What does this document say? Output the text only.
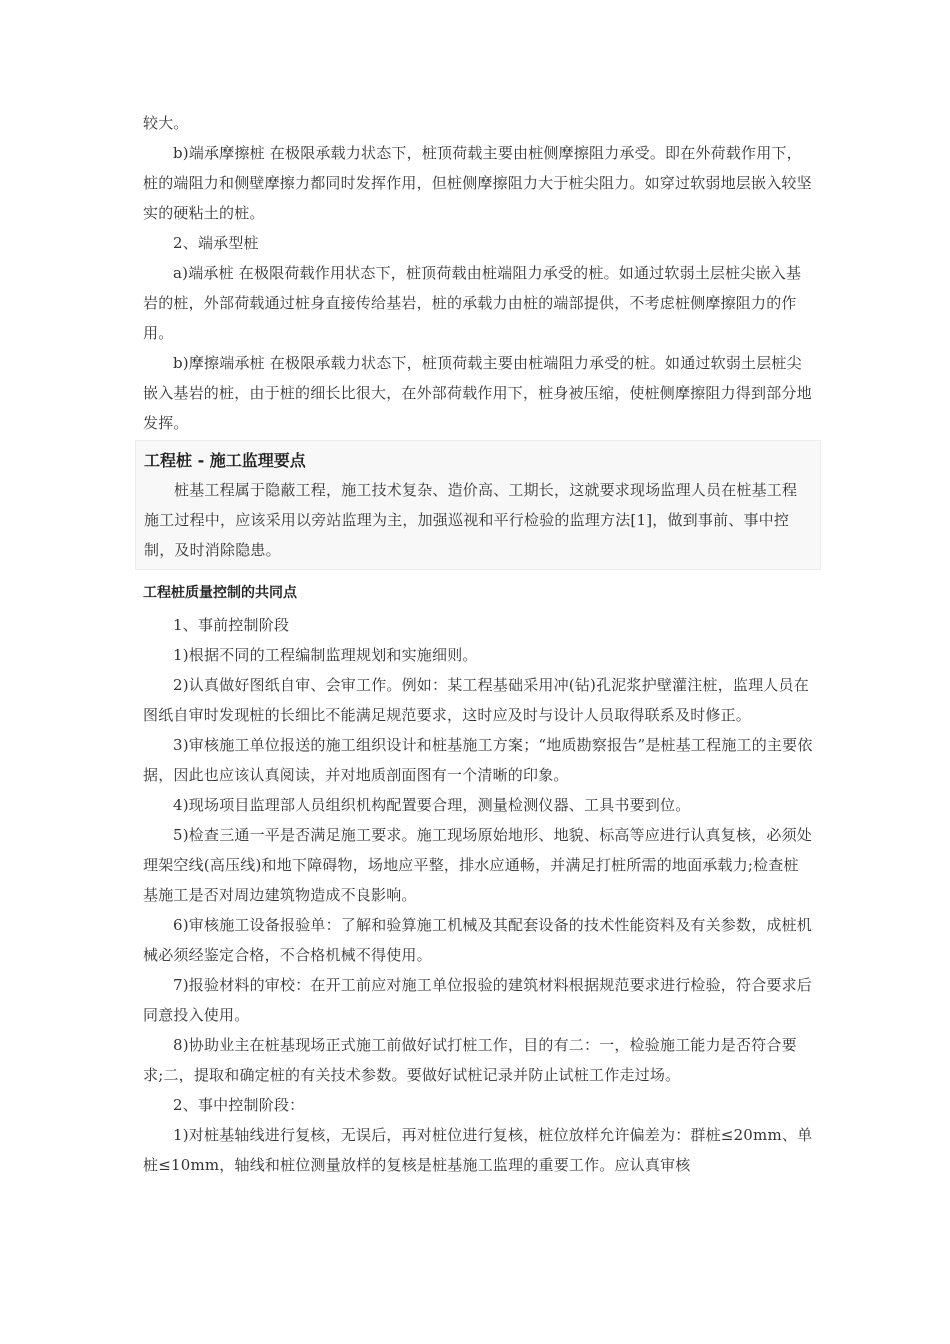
较大。

b)端承摩擦桩 在极限承载力状态下，桩顶荷载主要由桩侧摩擦阻力承受。即在外荷载作用下，桩的端阻力和侧壁摩擦力都同时发挥作用，但桩侧摩擦阻力大于桩尖阻力。如穿过软弱地层嵌入较坚实的硬粘土的桩。

2、端承型桩

a)端承桩 在极限荷载作用状态下，桩顶荷载由桩端阻力承受的桩。如通过软弱土层桩尖嵌入基岩的桩，外部荷载通过桩身直接传给基岩，桩的承载力由桩的端部提供，不考虑桩侧摩擦阻力的作用。

b)摩擦端承桩 在极限承载力状态下，桩顶荷载主要由桩端阻力承受的桩。如通过软弱土层桩尖嵌入基岩的桩，由于桩的细长比很大，在外部荷载作用下，桩身被压缩，使桩侧摩擦阻力得到部分地发挥。

工程桩 - 施工监理要点

桩基工程属于隐蔽工程，施工技术复杂、造价高、工期长，这就要求现场监理人员在桩基工程施工过程中，应该采用以旁站监理为主，加强巡视和平行检验的监理方法[1]，做到事前、事中控制，及时消除隐患。

工程桩质量控制的共同点

1、事前控制阶段

1)根据不同的工程编制监理规划和实施细则。

2)认真做好图纸自审、会审工作。例如：某工程基础采用冲(钻)孔泥浆护壁灌注桩，监理人员在图纸自审时发现桩的长细比不能满足规范要求，这时应及时与设计人员取得联系及时修正。

3)审核施工单位报送的施工组织设计和桩基施工方案；“地质勘察报告”是桩基工程施工的主要依据，因此也应该认真阅读，并对地质剖面图有一个清晰的印象。

4)现场项目监理部人员组织机构配置要合理，测量检测仪器、工具书要到位。

5)检查三通一平是否满足施工要求。施工现场原始地形、地貌、标高等应进行认真复核，必须处理架空线(高压线)和地下障碍物，场地应平整，排水应通畅，并满足打桩所需的地面承载力;检查桩基施工是否对周边建筑物造成不良影响。

6)审核施工设备报验单：了解和验算施工机械及其配套设备的技术性能资料及有关参数，成桩机械必须经鉴定合格，不合格机械不得使用。

7)报验材料的审校：在开工前应对施工单位报验的建筑材料根据规范要求进行检验，符合要求后同意投入使用。

8)协助业主在桩基现场正式施工前做好试打桩工作，目的有二：一，检验施工能力是否符合要求;二，提取和确定桩的有关技术参数。要做好试桩记录并防止试桩工作走过场。

2、事中控制阶段：

1)对桩基轴线进行复核，无误后，再对桩位进行复核，桩位放样允许偏差为：群桩≤20mm、单桩≤10mm，轴线和桩位测量放样的复核是桩基施工监理的重要工作。应认真审核
